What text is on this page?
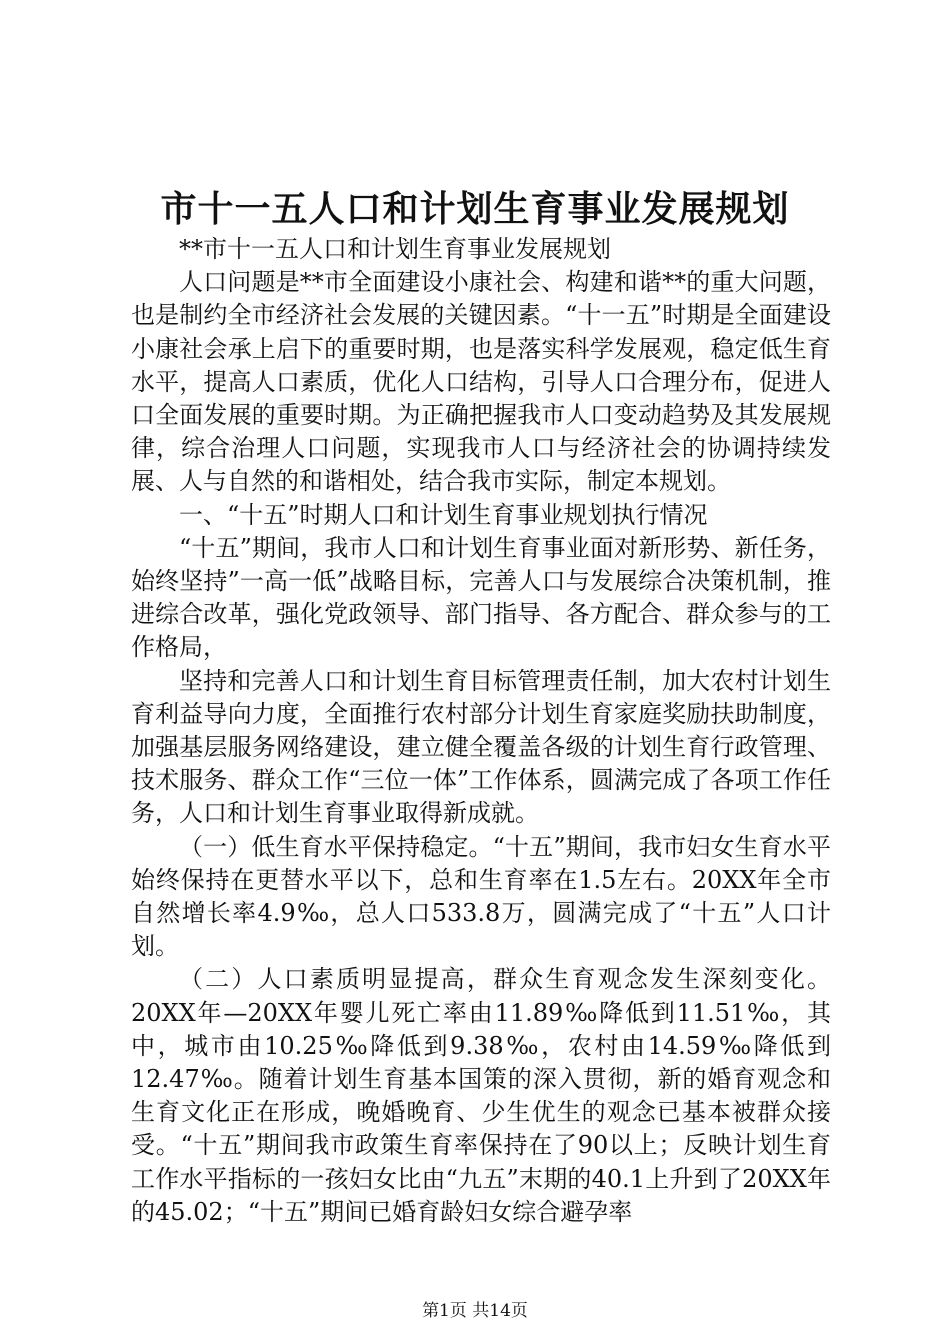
市十一五人口和计划生育事业发展规划

**市十一五人口和计划生育事业发展规划

人口问题是**市全面建设小康社会、构建和谐**的重大问题，也是制约全市经济社会发展的关键因素。“十一五”时期是全面建设小康社会承上启下的重要时期，也是落实科学发展观，稳定低生育水平，提高人口素质，优化人口结构，引导人口合理分布，促进人口全面发展的重要时期。为正确把握我市人口变动趋势及其发展规律，综合治理人口问题，实现我市人口与经济社会的协调持续发展、人与自然的和谐相处，结合我市实际，制定本规划。

一、“十五”时期人口和计划生育事业规划执行情况

“十五”期间，我市人口和计划生育事业面对新形势、新任务，始终坚持”一高一低”战略目标，完善人口与发展综合决策机制，推进综合改革，强化党政领导、部门指导、各方配合、群众参与的工作格局，

坚持和完善人口和计划生育目标管理责任制，加大农村计划生育利益导向力度，全面推行农村部分计划生育家庭奖励扶助制度，加强基层服务网络建设，建立健全覆盖各级的计划生育行政管理、技术服务、群众工作“三位一体”工作体系，圆满完成了各项工作任务，人口和计划生育事业取得新成就。

（一）低生育水平保持稳定。“十五”期间，我市妇女生育水平始终保持在更替水平以下，总和生育率在1.5左右。20XX年全市自然增长率4.9‰，总人口533.8万，圆满完成了“十五”人口计划。

（二）人口素质明显提高，群众生育观念发生深刻变化。20XX年—20XX年婴儿死亡率由11.89‰降低到11.51‰，其中，城市由10.25‰降低到9.38‰，农村由14.59‰降低到12.47‰。随着计划生育基本国策的深入贯彻，新的婚育观念和生育文化正在形成，晚婚晚育、少生优生的观念已基本被群众接受。“十五”期间我市政策生育率保持在了90以上；反映计划生育工作水平指标的一孩妇女比由“九五”末期的40.1上升到了20XX年的45.02；“十五”期间已婚育龄妇女综合避孕率

第1页 共14页
